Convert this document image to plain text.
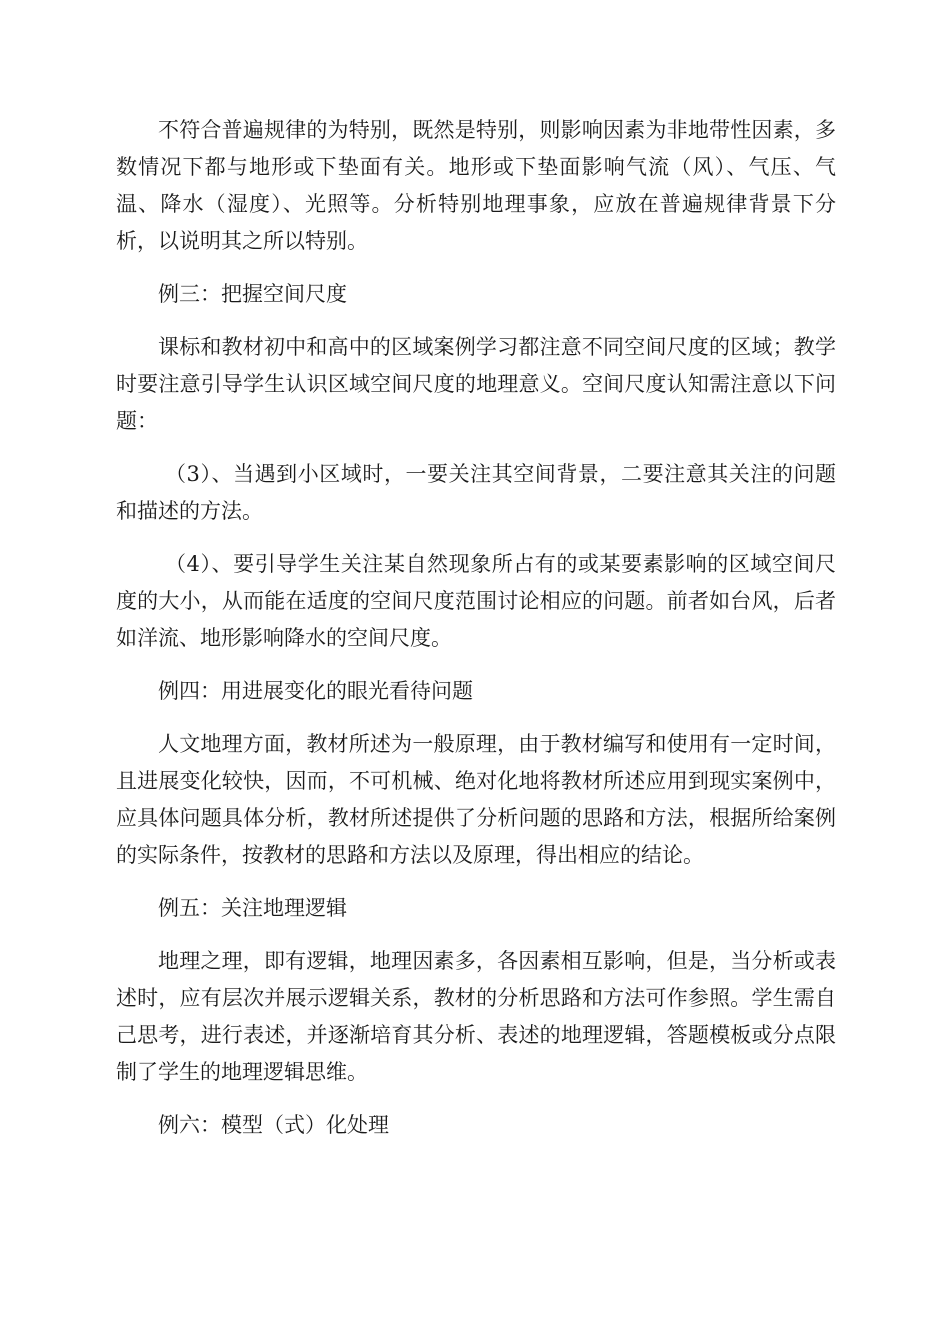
不符合普遍规律的为特别，既然是特别，则影响因素为非地带性因素，多数情况下都与地形或下垫面有关。地形或下垫面影响气流（风）、气压、气温、降水（湿度）、光照等。分析特别地理事象，应放在普遍规律背景下分析，以说明其之所以特别。

例三：把握空间尺度

课标和教材初中和高中的区域案例学习都注意不同空间尺度的区域；教学时要注意引导学生认识区域空间尺度的地理意义。空间尺度认知需注意以下问题：

（3）、当遇到小区域时，一要关注其空间背景，二要注意其关注的问题和描述的方法。

（4）、要引导学生关注某自然现象所占有的或某要素影响的区域空间尺度的大小，从而能在适度的空间尺度范围讨论相应的问题。前者如台风，后者如洋流、地形影响降水的空间尺度。

例四：用进展变化的眼光看待问题

人文地理方面，教材所述为一般原理，由于教材编写和使用有一定时间，且进展变化较快，因而，不可机械、绝对化地将教材所述应用到现实案例中，应具体问题具体分析，教材所述提供了分析问题的思路和方法，根据所给案例的实际条件，按教材的思路和方法以及原理，得出相应的结论。

例五：关注地理逻辑

地理之理，即有逻辑，地理因素多，各因素相互影响，但是，当分析或表述时，应有层次并展示逻辑关系，教材的分析思路和方法可作参照。学生需自己思考，进行表述，并逐渐培育其分析、表述的地理逻辑，答题模板或分点限制了学生的地理逻辑思维。

例六：模型（式）化处理
